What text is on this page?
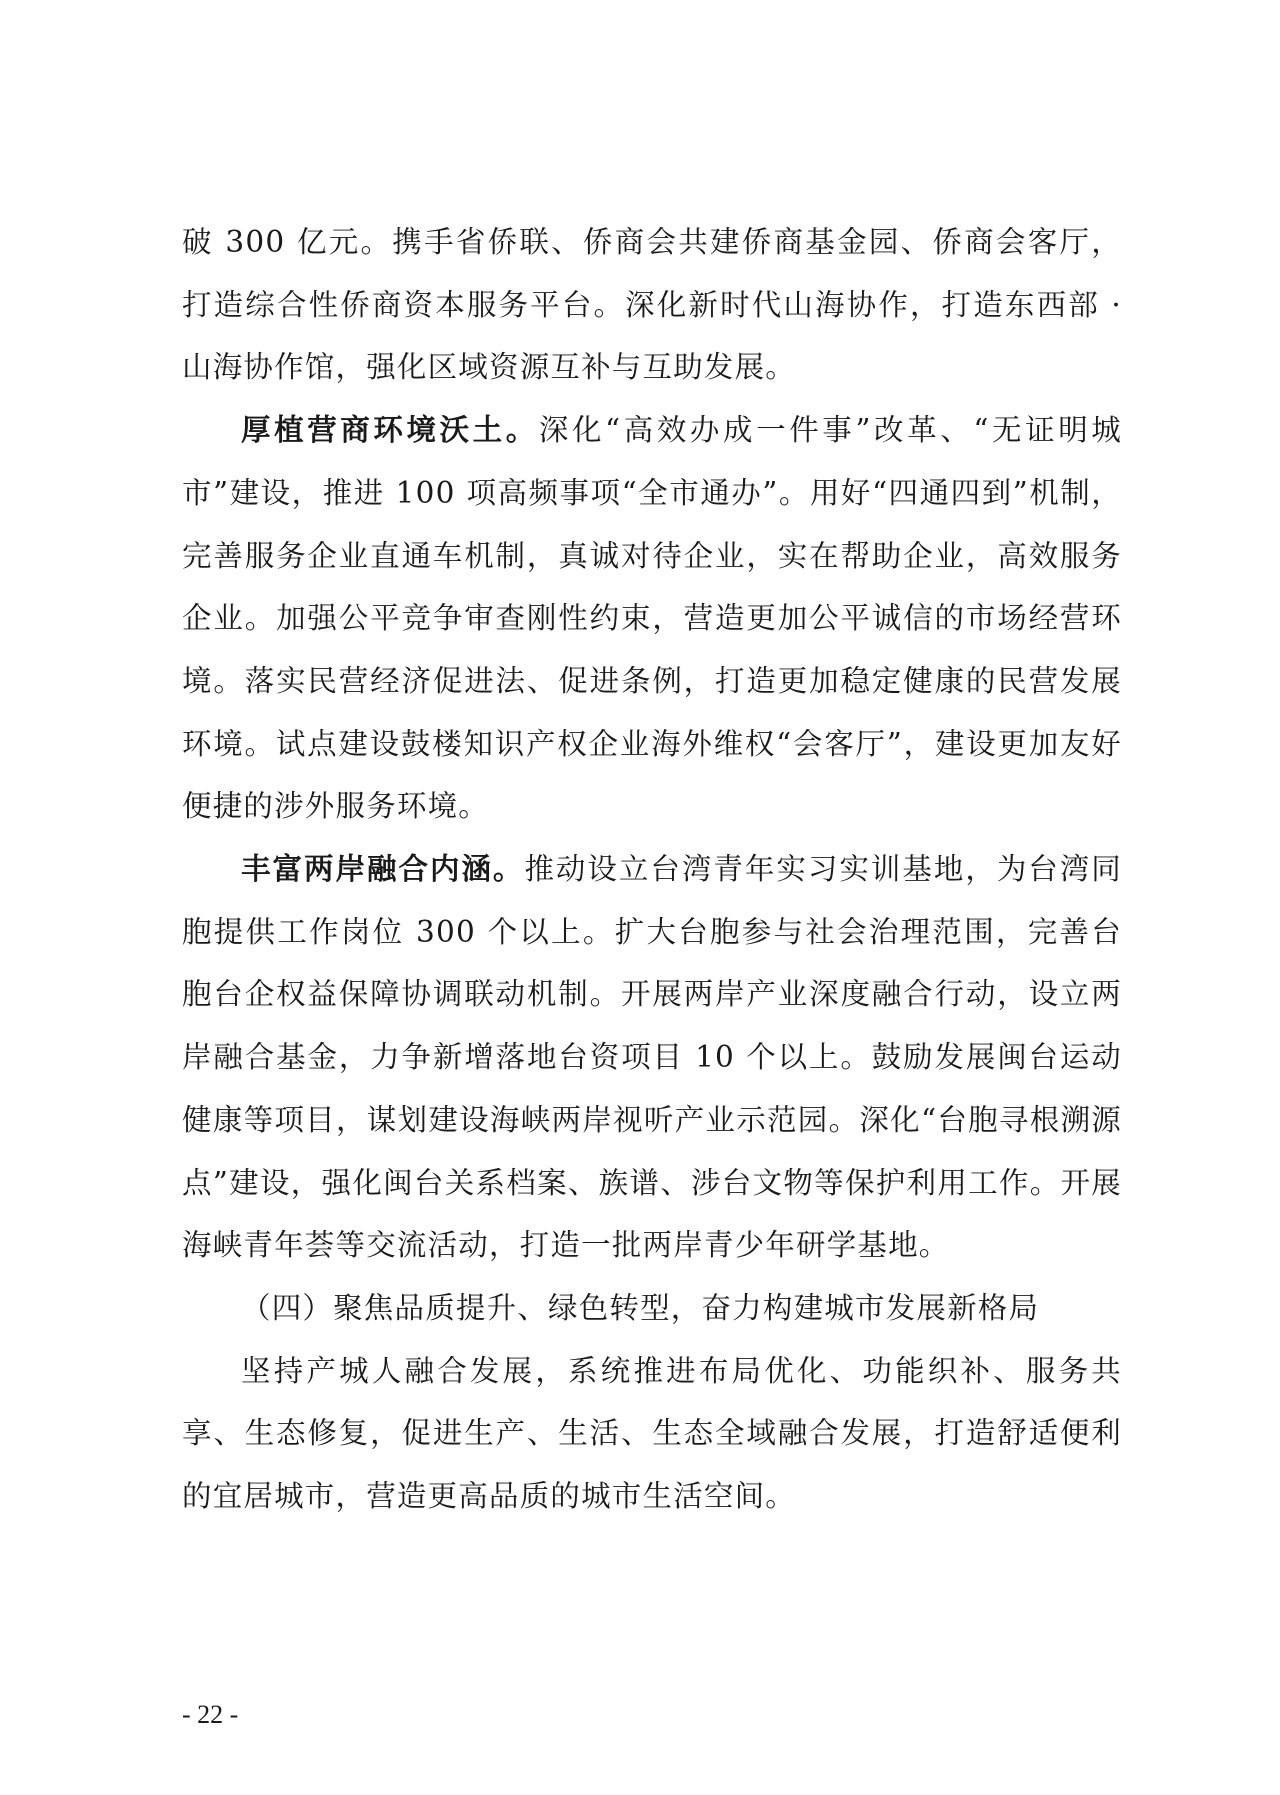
破 300 亿元。携手省侨联、侨商会共建侨商基金园、侨商会客厅，打造综合性侨商资本服务平台。深化新时代山海协作，打造东西部 · 山海协作馆，强化区域资源互补与互助发展。

厚植营商环境沃土。深化“高效办成一件事”改革、“无证明城市”建设，推进 100 项高频事项“全市通办”。用好“四通四到”机制，完善服务企业直通车机制，真诚对待企业，实在帮助企业，高效服务企业。加强公平竞争审查刚性约束，营造更加公平诚信的市场经营环境。落实民营经济促进法、促进条例，打造更加稳定健康的民营发展环境。试点建设鼓楼知识产权企业海外维权“会客厅”，建设更加友好便捷的涉外服务环境。

丰富两岸融合内涵。推动设立台湾青年实习实训基地，为台湾同胞提供工作岗位 300 个以上。扩大台胞参与社会治理范围，完善台胞台企权益保障协调联动机制。开展两岸产业深度融合行动，设立两岸融合基金，力争新增落地台资项目 10 个以上。鼓励发展闽台运动健康等项目，谋划建设海峡两岸视听产业示范园。深化“台胞寻根溯源点”建设，强化闽台关系档案、族谱、涉台文物等保护利用工作。开展海峡青年荟等交流活动，打造一批两岸青少年研学基地。

（四）聚焦品质提升、绿色转型，奋力构建城市发展新格局

坚持产城人融合发展，系统推进布局优化、功能织补、服务共享、生态修复，促进生产、生活、生态全域融合发展，打造舒适便利的宜居城市，营造更高品质的城市生活空间。

- 22 -
